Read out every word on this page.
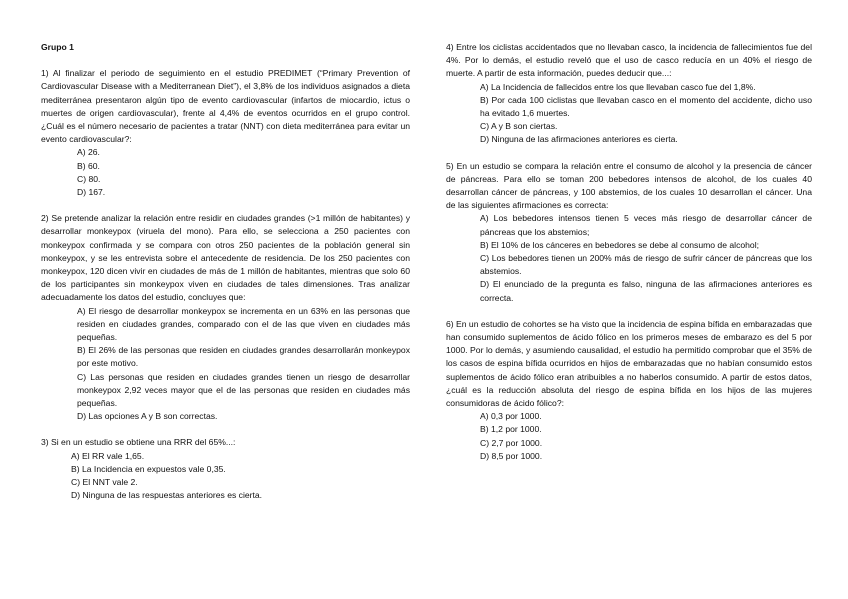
Grupo 1

1) Al finalizar el periodo de seguimiento en el estudio PREDIMET (“Primary Prevention of Cardiovascular Disease with a Mediterranean Diet”), el 3,8% de los individuos asignados a dieta mediterránea presentaron algún tipo de evento cardiovascular (infartos de miocardio, ictus o muertes de origen cardiovascular), frente al 4,4% de eventos ocurridos en el grupo control. ¿Cuál es el número necesario de pacientes a tratar (NNT) con dieta mediterránea para evitar un evento cardiovascular?:

A) 26.
B) 60.
C) 80.
D) 167.

2) Se pretende analizar la relación entre residir en ciudades grandes (>1 millón de habitantes) y desarrollar monkeypox (viruela del mono). Para ello, se selecciona a 250 pacientes con monkeypox confirmada y se compara con otros 250 pacientes de la población general sin monkeypox, y se les entrevista sobre el antecedente de residencia. De los 250 pacientes con monkeypox, 120 dicen vivir en ciudades de más de 1 millón de habitantes, mientras que solo 60 de los participantes sin monkeypox viven en ciudades de tales dimensiones. Tras analizar adecuadamente los datos del estudio, concluyes que:

A) El riesgo de desarrollar monkeypox se incrementa en un 63% en las personas que residen en ciudades grandes, comparado con el de las que viven en ciudades más pequeñas.
B) El 26% de las personas que residen en ciudades grandes desarrollarán monkeypox por este motivo.
C) Las personas que residen en ciudades grandes tienen un riesgo de desarrollar monkeypox 2,92 veces mayor que el de las personas que residen en ciudades más pequeñas.
D) Las opciones A y B son correctas.

3) Si en un estudio se obtiene una RRR del 65%...:

A) El RR vale 1,65.
B) La Incidencia en expuestos vale 0,35.
C) El NNT vale 2.
D) Ninguna de las respuestas anteriores es cierta.

4) Entre los ciclistas accidentados que no llevaban casco, la incidencia de fallecimientos fue del 4%. Por lo demás, el estudio reveló que el uso de casco reducía en un 40% el riesgo de muerte. A partir de esta información, puedes deducir que...:

A) La Incidencia de fallecidos entre los que llevaban casco fue del 1,8%.
B) Por cada 100 ciclistas que llevaban casco en el momento del accidente, dicho uso ha evitado 1,6 muertes.
C) A y B son ciertas.
D) Ninguna de las afirmaciones anteriores es cierta.

5) En un estudio se compara la relación entre el consumo de alcohol y la presencia de cáncer de páncreas. Para ello se toman 200 bebedores intensos de alcohol, de los cuales 40 desarrollan cáncer de páncreas, y 100 abstemios, de los cuales 10 desarrollan el cáncer. Una de las siguientes afirmaciones es correcta:

A) Los bebedores intensos tienen 5 veces más riesgo de desarrollar cáncer de páncreas que los abstemios;
B) El 10% de los cánceres en bebedores se debe al consumo de alcohol;
C) Los bebedores tienen un 200% más de riesgo de sufrir cáncer de páncreas que los abstemios.
D) El enunciado de la pregunta es falso, ninguna de las afirmaciones anteriores es correcta.

6) En un estudio de cohortes se ha visto que la incidencia de espina bífida en embarazadas que han consumido suplementos de ácido fólico en los primeros meses de embarazo es del 5 por 1000. Por lo demás, y asumiendo causalidad, el estudio ha permitido comprobar que el 35% de los casos de espina bífida ocurridos en hijos de embarazadas que no habían consumido estos suplementos de ácido fólico eran atribuibles a no haberlos consumido. A partir de estos datos, ¿cuál es la reducción absoluta del riesgo de espina bífida en los hijos de las mujeres consumidoras de ácido fólico?:

A) 0,3 por 1000.
B) 1,2 por 1000.
C) 2,7 por 1000.
D) 8,5 por 1000.
